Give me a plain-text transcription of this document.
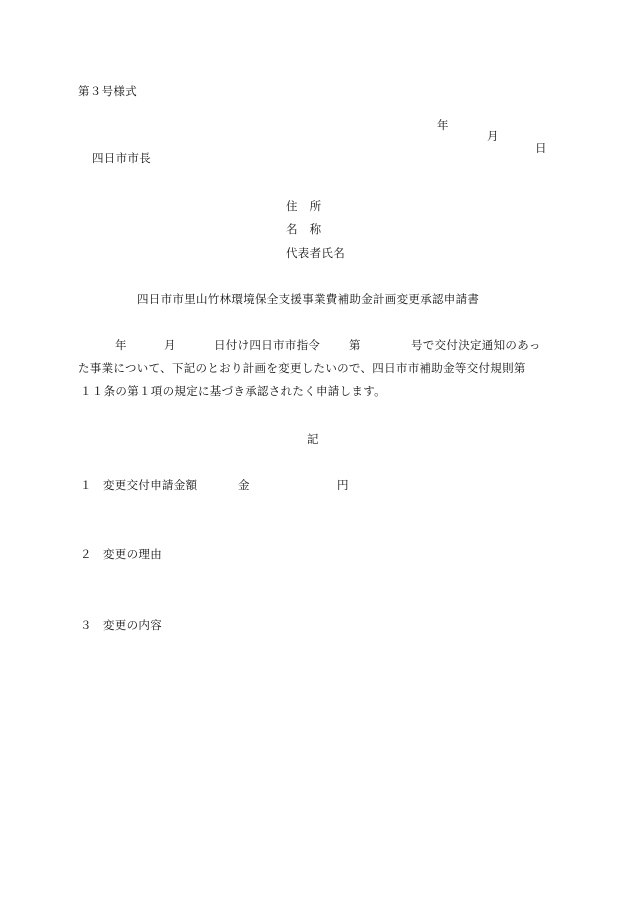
第３号様式

年

月

日

四日市市長
住　所
名　称
代表者氏名
四日市市里山竹林環境保全支援事業費補助金計画変更承認申請書

年

	月

	日付け四日市市指令

	第

	号で交付決定通知のあっ

た事業について、下記のとおり計画を変更したいので、四日市市補助金等交付規則第
１１条の第１項の規定に基づき承認されたく申請します。
記

１

変更交付申請金額

	金

	円

２

変更の理由

３

変更の内容
